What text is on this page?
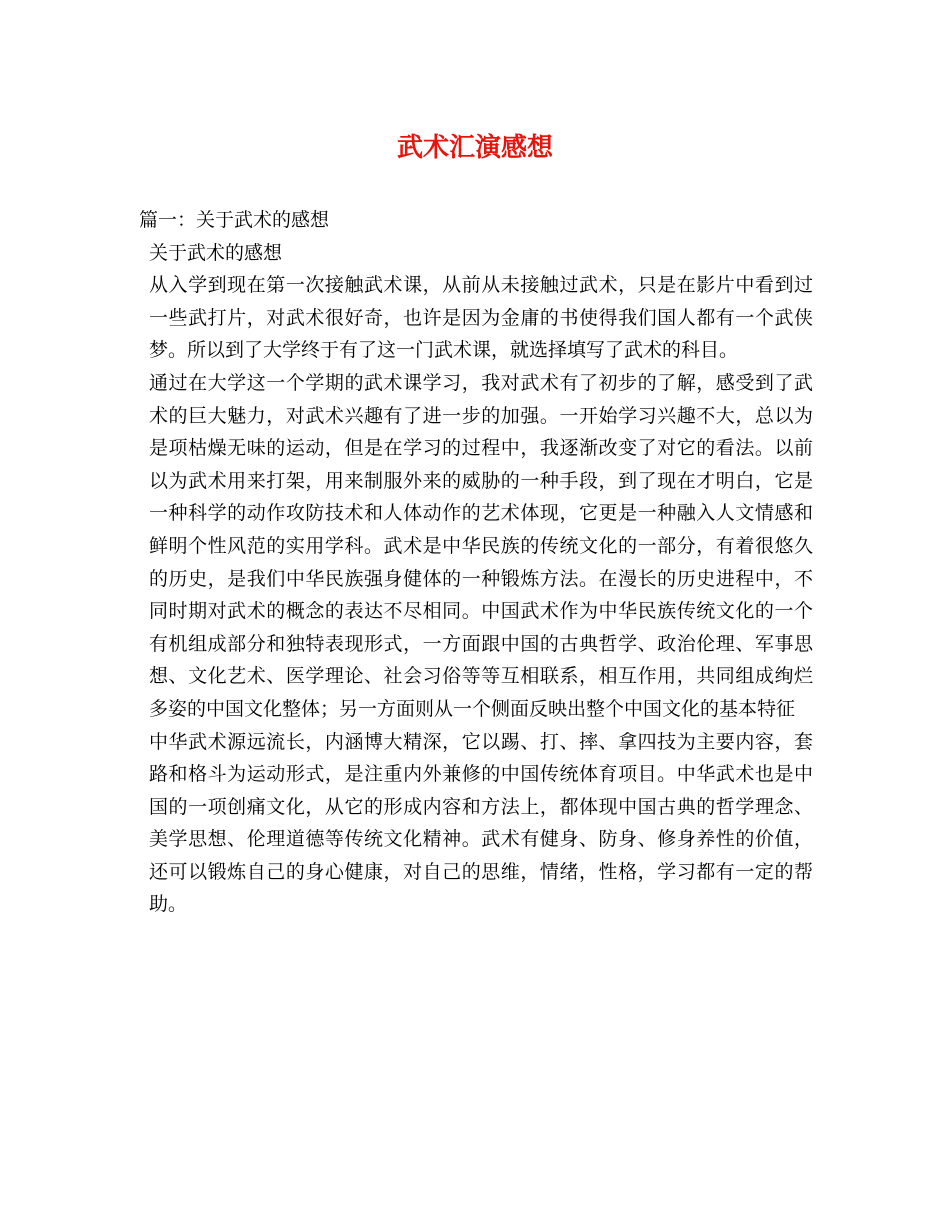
武术汇演感想

篇一：关于武术的感想

关于武术的感想

从入学到现在第一次接触武术课，从前从未接触过武术，只是在影片中看到过一些武打片，对武术很好奇，也许是因为金庸的书使得我们国人都有一个武侠梦。所以到了大学终于有了这一门武术课，就选择填写了武术的科目。

通过在大学这一个学期的武术课学习，我对武术有了初步的了解，感受到了武术的巨大魅力，对武术兴趣有了进一步的加强。一开始学习兴趣不大，总以为是项枯燥无味的运动，但是在学习的过程中，我逐渐改变了对它的看法。以前以为武术用来打架，用来制服外来的威胁的一种手段，到了现在才明白，它是一种科学的动作攻防技术和人体动作的艺术体现，它更是一种融入人文情感和鲜明个性风范的实用学科。武术是中华民族的传统文化的一部分，有着很悠久的历史，是我们中华民族强身健体的一种锻炼方法。在漫长的历史进程中，不同时期对武术的概念的表达不尽相同。中国武术作为中华民族传统文化的一个有机组成部分和独特表现形式，一方面跟中国的古典哲学、政治伦理、军事思想、文化艺术、医学理论、社会习俗等等互相联系，相互作用，共同组成绚烂多姿的中国文化整体；另一方面则从一个侧面反映出整个中国文化的基本特征

中华武术源远流长，内涵博大精深，它以踢、打、摔、拿四技为主要内容，套路和格斗为运动形式，是注重内外兼修的中国传统体育项目。中华武术也是中国的一项创痛文化，从它的形成内容和方法上，都体现中国古典的哲学理念、美学思想、伦理道德等传统文化精神。武术有健身、防身、修身养性的价值，还可以锻炼自己的身心健康，对自己的思维，情绪，性格，学习都有一定的帮助。
